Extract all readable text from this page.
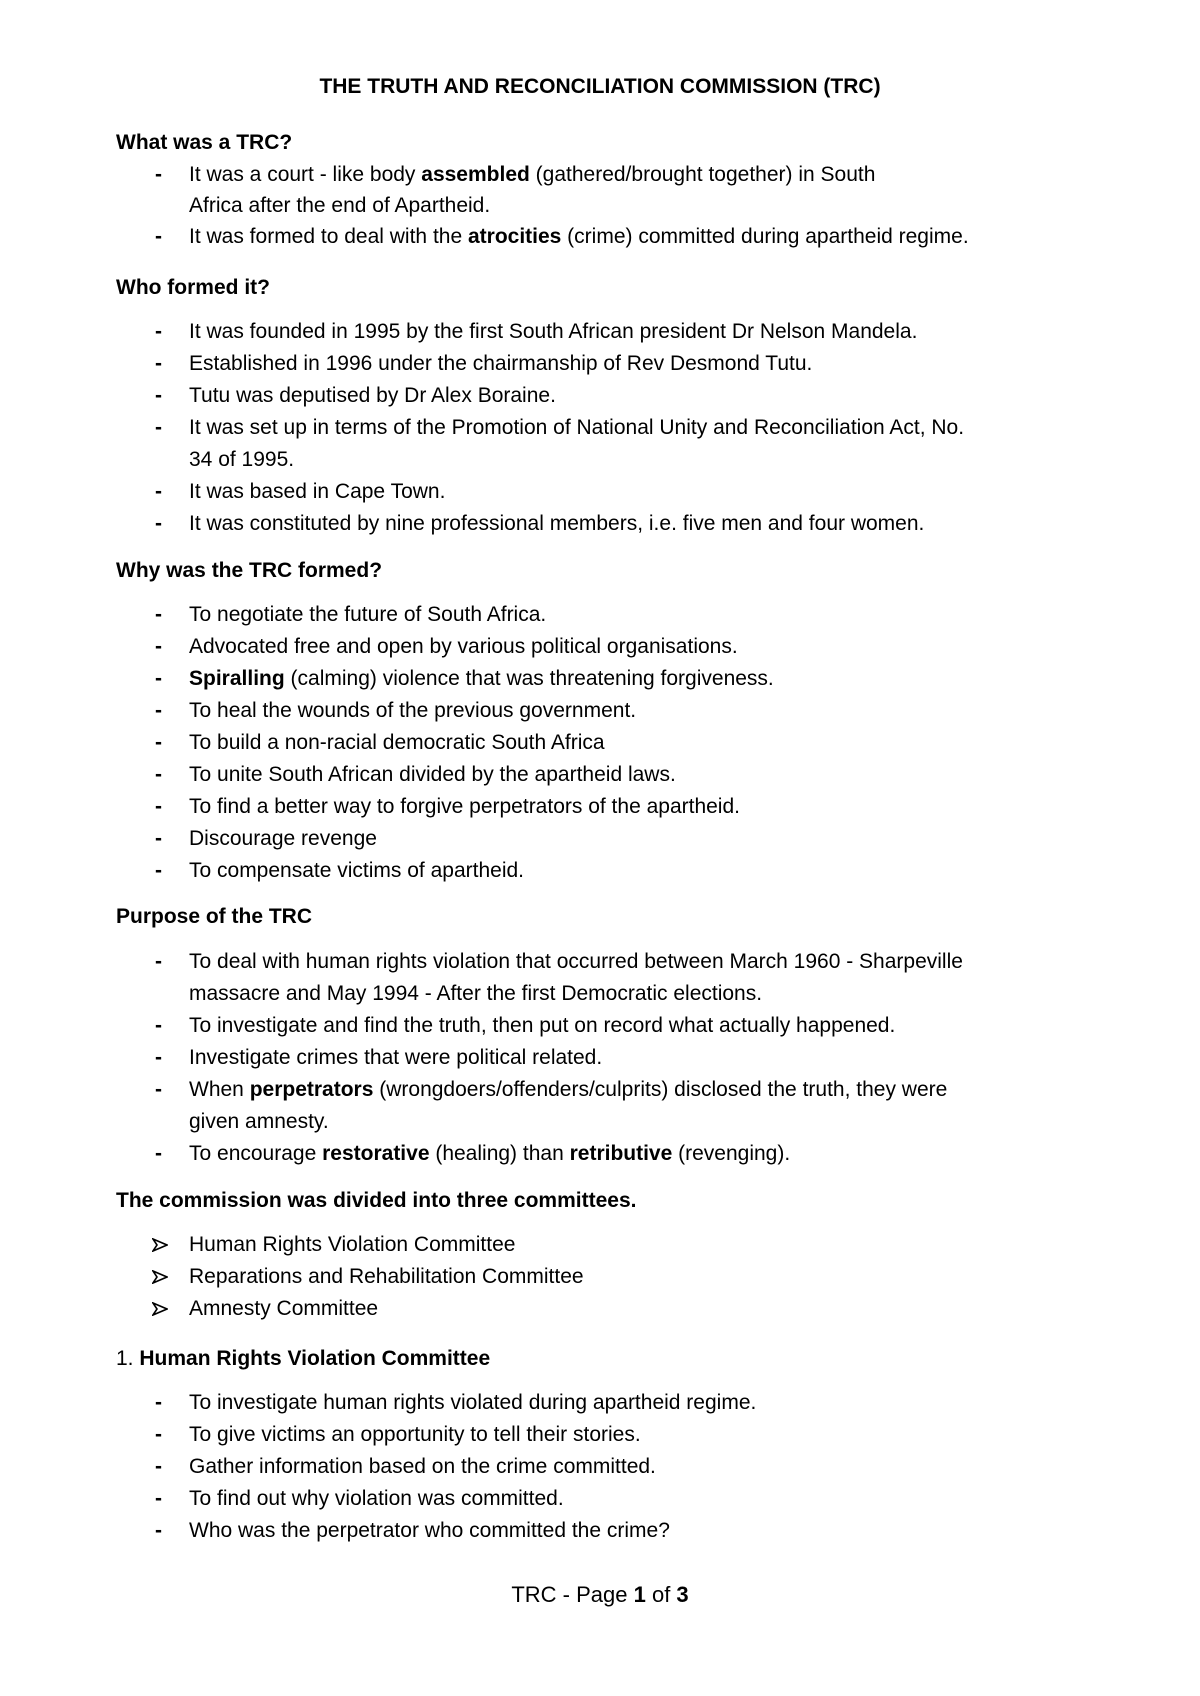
THE TRUTH AND RECONCILIATION COMMISSION (TRC)
What was a TRC?
-	It was a court - like body assembled (gathered/brought together) in South
Africa after the end of Apartheid.
-	It was formed to deal with the atrocities (crime) committed during apartheid regime.
Who formed it?
-	It was founded in 1995 by the first South African president Dr Nelson Mandela.
-	Established in 1996 under the chairmanship of Rev Desmond Tutu.
-	Tutu was deputised by Dr Alex Boraine.
-	It was set up in terms of the Promotion of National Unity and Reconciliation Act, No.
34 of 1995.
-	It was based in Cape Town.
-	It was constituted by nine professional members, i.e. five men and four women.
Why was the TRC formed?
-	To negotiate the future of South Africa.
-	Advocated free and open by various political organisations.
-	Spiralling (calming) violence that was threatening forgiveness.
-	To heal the wounds of the previous government.
-	To build a non-racial democratic South Africa
-	To unite South African divided by the apartheid laws.
-	To find a better way to forgive perpetrators of the apartheid.
-	Discourage revenge
-	To compensate victims of apartheid.
Purpose of the TRC
-	To deal with human rights violation that occurred between March 1960 - Sharpeville
massacre and May 1994 - After the first Democratic elections.
-	To investigate and find the truth, then put on record what actually happened.
-	Investigate crimes that were political related.
-	When perpetrators (wrongdoers/offenders/culprits) disclosed the truth, they were
given amnesty.
-	To encourage restorative (healing) than retributive (revenging).
The commission was divided into three committees.
Human Rights Violation Committee
Reparations and Rehabilitation Committee
Amnesty Committee
1. Human Rights Violation Committee
-	To investigate human rights violated during apartheid regime.
-	To give victims an opportunity to tell their stories.
-	Gather information based on the crime committed.
-	To find out why violation was committed.
-	Who was the perpetrator who committed the crime?
TRC - Page 1 of 3
